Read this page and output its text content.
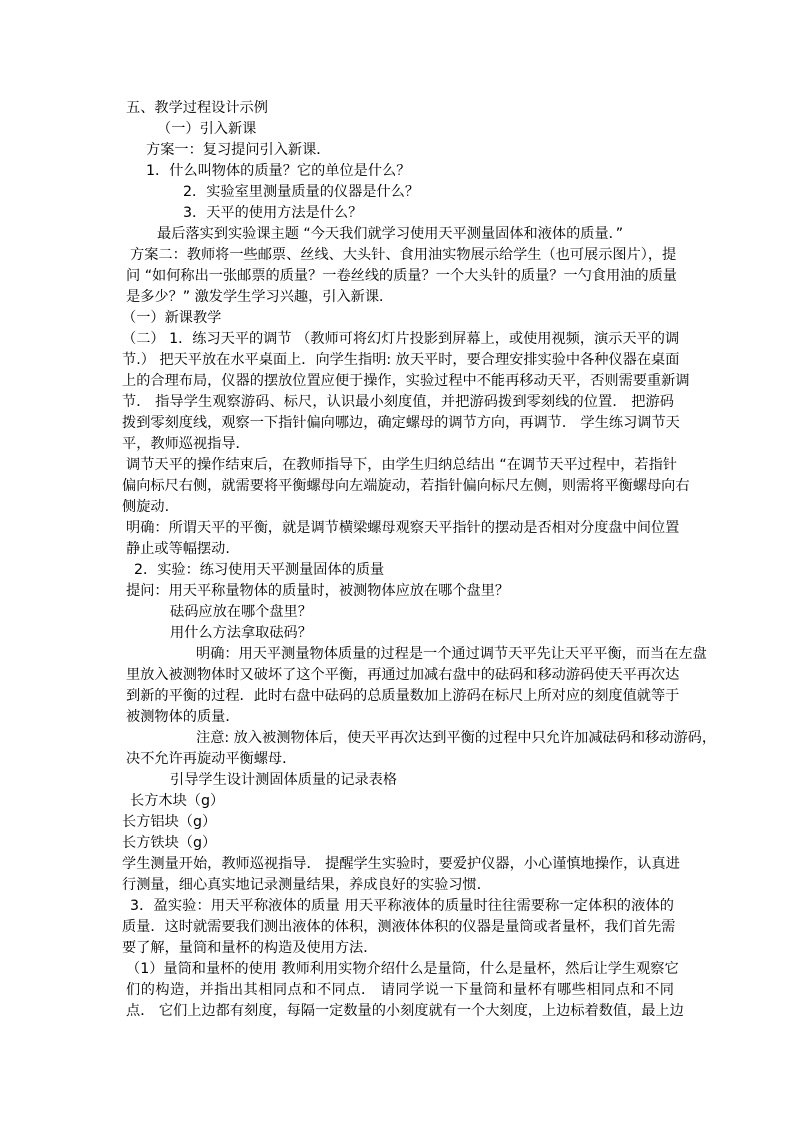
五、教学过程设计示例
（一）引入新课
方案一：复习提问引入新课．
1．什么叫物体的质量？它的单位是什么？
2．实验室里测量质量的仪器是什么？
3．天平的使用方法是什么？
最后落实到实验课主题 “今天我们就学习使用天平测量固体和液体的质量．”
方案二：教师将一些邮票、丝线、大头针、食用油实物展示给学生（也可展示图片），提
问 “如何称出一张邮票的质量？一卷丝线的质量？一个大头针的质量？一勺食用油的质量
是多少？” 激发学生学习兴趣，引入新课．
（一）新课教学
（二） 1．练习天平的调节 （教师可将幻灯片投影到屏幕上，或使用视频，演示天平的调
节.） 把天平放在水平桌面上．向学生指明: 放天平时，要合理安排实验中各种仪器在桌面
上的合理布局，仪器的摆放位置应便于操作，实验过程中不能再移动天平，否则需要重新调
节． 指导学生观察游码、标尺，认识最小刻度值，并把游码拨到零刻线的位置． 把游码
拨到零刻度线，观察一下指针偏向哪边，确定螺母的调节方向，再调节． 学生练习调节天
平，教师巡视指导．
调节天平的操作结束后，在教师指导下，由学生归纳总结出 “在调节天平过程中，若指针
偏向标尺右侧，就需要将平衡螺母向左端旋动，若指针偏向标尺左侧，则需将平衡螺母向右
侧旋动.
明确：所谓天平的平衡，就是调节横梁螺母观察天平指针的摆动是否相对分度盘中间位置
静止或等幅摆动.
2．实验：练习使用天平测量固体的质量
提问：用天平称量物体的质量时，被测物体应放在哪个盘里？
砝码应放在哪个盘里？
用什么方法拿取砝码？
明确：用天平测量物体质量的过程是一个通过调节天平先让天平平衡，而当在左盘
里放入被测物体时又破坏了这个平衡，再通过加减右盘中的砝码和移动游码使天平再次达
到新的平衡的过程．此时右盘中砝码的总质量数加上游码在标尺上所对应的刻度值就等于
被测物体的质量．
注意: 放入被测物体后，使天平再次达到平衡的过程中只允许加减砝码和移动游码，
决不允许再旋动平衡螺母．
引导学生设计测固体质量的记录表格
长方木块（g）
长方铝块（g）
长方铁块（g）
学生测量开始，教师巡视指导． 提醒学生实验时，要爱护仪器，小心谨慎地操作，认真进
行测量，细心真实地记录测量结果，养成良好的实验习惯．
3．盈实验：用天平称液体的质量 用天平称液体的质量时往往需要称一定体积的液体的
质量．这时就需要我们测出液体的体积，测液体体积的仪器是量筒或者量杯，我们首先需
要了解，量筒和量杯的构造及使用方法．
（1）量筒和量杯的使用 教师利用实物介绍什么是量筒，什么是量杯，然后让学生观察它
们的构造，并指出其相同点和不同点． 请同学说一下量筒和量杯有哪些相同点和不同
点． 它们上边都有刻度，每隔一定数量的小刻度就有一个大刻度，上边标着数值，最上边
